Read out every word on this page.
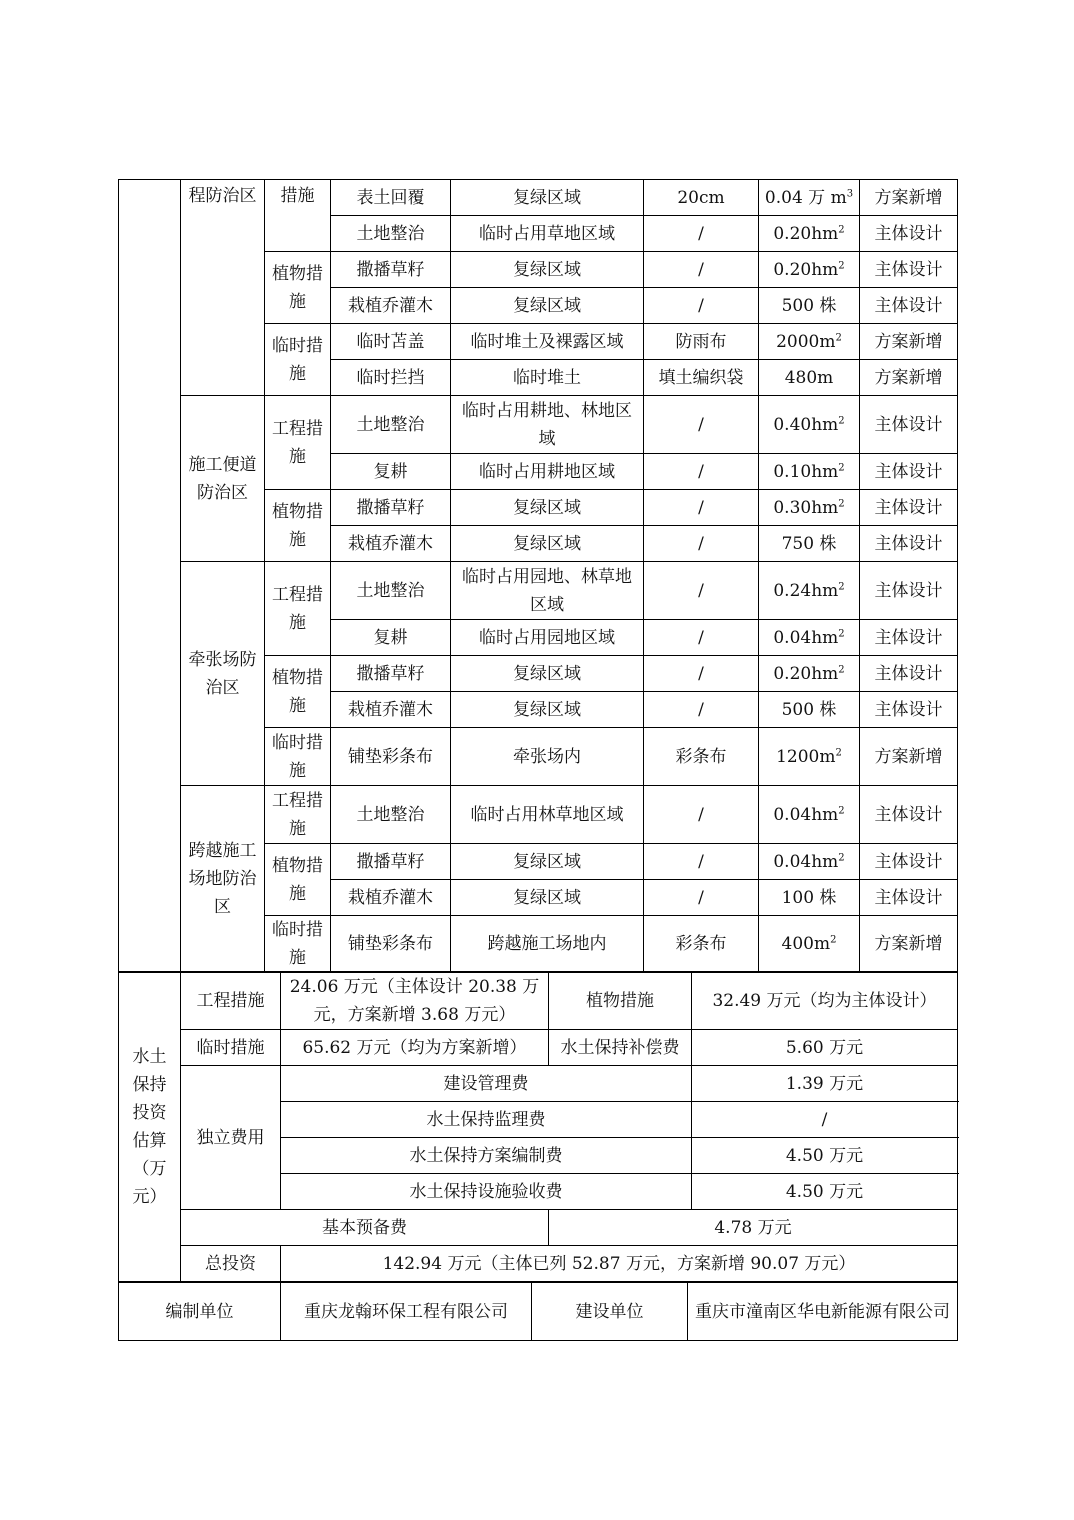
	程防治区	措施	表土回覆	复绿区域	20cm	0.04 万 $m^3$	方案新增
			土地整治	临时占用草地区域	/	$0.20hm^2$	主体设计
		植物措施	撒播草籽	复绿区域	/	$0.20hm^2$	主体设计
			栽植乔灌木	复绿区域	/	500 株	主体设计
		临时措施	临时苫盖	临时堆土及裸露区域	防雨布	$2000m^2$	方案新增
			临时拦挡	临时堆土	填土编织袋	480m	方案新增
	施工便道防治区	工程措施	土地整治	临时占用耕地、林地区域	/	$0.40hm^2$	主体设计
			复耕	临时占用耕地区域	/	$0.10hm^2$	主体设计
		植物措施	撒播草籽	复绿区域	/	$0.30hm^2$	主体设计
			栽植乔灌木	复绿区域	/	750 株	主体设计
	牵张场防治区	工程措施	土地整治	临时占用园地、林草地区域	/	$0.24hm^2$	主体设计
			复耕	临时占用园地区域	/	$0.04hm^2$	主体设计
		植物措施	撒播草籽	复绿区域	/	$0.20hm^2$	主体设计
			栽植乔灌木	复绿区域	/	500 株	主体设计
		临时措施	铺垫彩条布	牵张场内	彩条布	$1200m^2$	方案新增
	跨越施工场地防治区	工程措施	土地整治	临时占用林草地区域	/	$0.04hm^2$	主体设计
		植物措施	撒播草籽	复绿区域	/	$0.04hm^2$	主体设计
			栽植乔灌木	复绿区域	/	100 株	主体设计
		临时措施	铺垫彩条布	跨越施工场地内	彩条布	$400m^2$	方案新增
水土保持投资估算（万元）	工程措施	24.06 万元（主体设计 20.38 万元，方案新增 3.68 万元）	植物措施	32.49 万元（均为主体设计）
	临时措施	65.62 万元（均为方案新增）	水土保持补偿费	5.60 万元
	独立费用	建设管理费		1.39 万元
		水土保持监理费		/
		水土保持方案编制费		4.50 万元
		水土保持设施验收费		4.50 万元
	基本预备费		4.78 万元	
	总投资	142.94 万元（主体已列 52.87 万元，方案新增 90.07 万元）		
编制单位	重庆龙翰环保工程有限公司	建设单位	重庆市潼南区华电新能源有限公司
